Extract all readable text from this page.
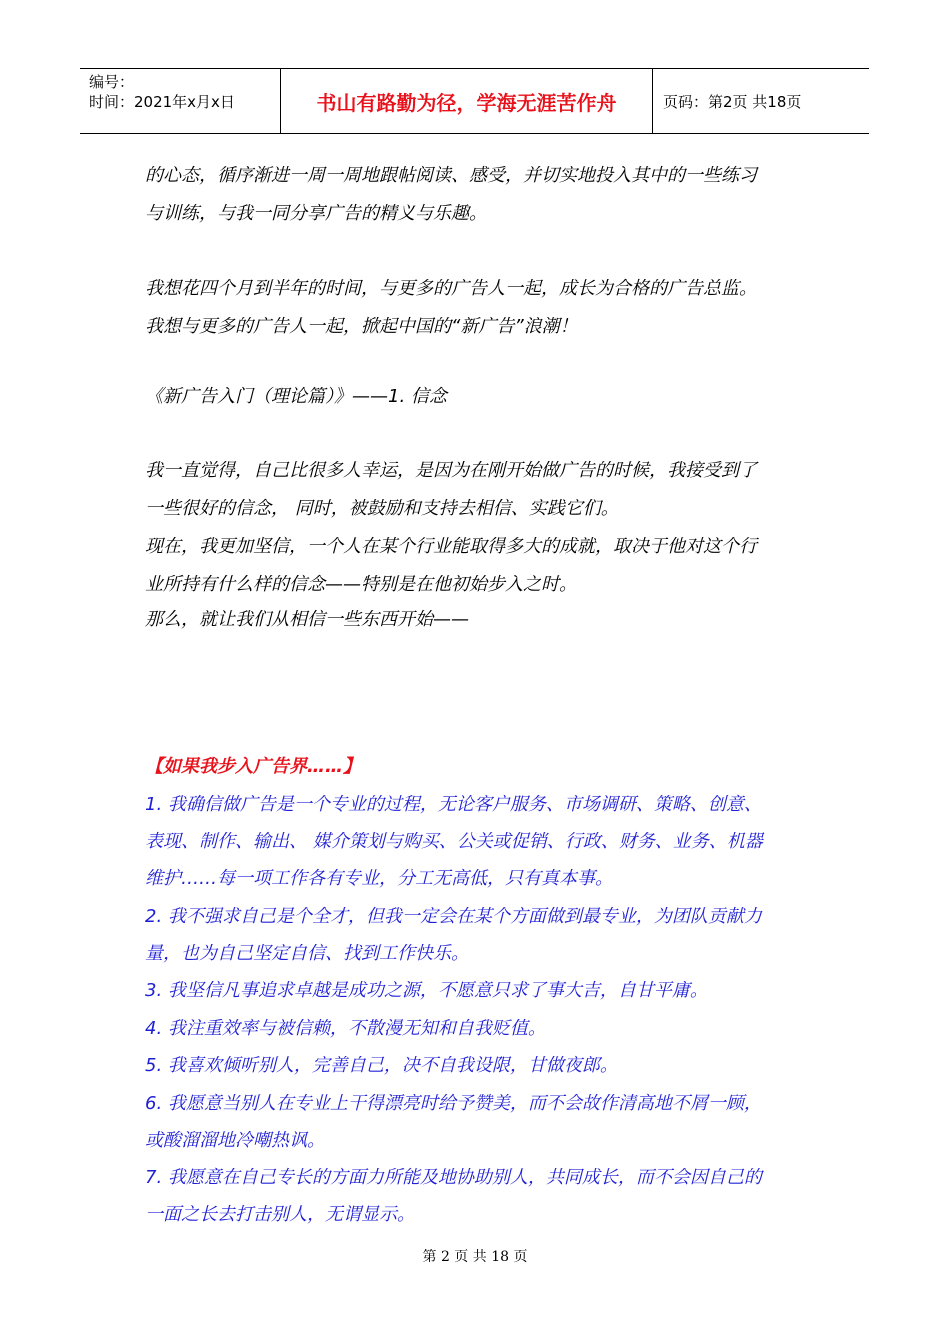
编号：
时间：2021年x月x日	书山有路勤为径，学海无涯苦作舟	页码：第2页 共18页
的心态，循序渐进一周一周地跟帖阅读、感受，并切实地投入其中的一些练习
与训练，与我一同分享广告的精义与乐趣。
我想花四个月到半年的时间，与更多的广告人一起，成长为合格的广告总监。
我想与更多的广告人一起，掀起中国的“新广告”浪潮！
《新广告入门（理论篇）》——1. 信念
我一直觉得，自己比很多人幸运，是因为在刚开始做广告的时候，我接受到了
一些很好的信念， 同时，被鼓励和支持去相信、实践它们。
现在，我更加坚信，一个人在某个行业能取得多大的成就，取决于他对这个行
业所持有什么样的信念——特别是在他初始步入之时。
那么，就让我们从相信一些东西开始——
【如果我步入广告界……】
1. 我确信做广告是一个专业的过程，无论客户服务、市场调研、策略、创意、
表现、制作、输出、 媒介策划与购买、公关或促销、行政、财务、业务、机器
维护……每一项工作各有专业，分工无高低，只有真本事。
2. 我不强求自己是个全才，但我一定会在某个方面做到最专业，为团队贡献力
量，也为自己坚定自信、找到工作快乐。
3. 我坚信凡事追求卓越是成功之源，不愿意只求了事大吉，自甘平庸。
4. 我注重效率与被信赖，不散漫无知和自我贬值。
5. 我喜欢倾听别人，完善自己，决不自我设限，甘做夜郎。
6. 我愿意当别人在专业上干得漂亮时给予赞美，而不会故作清高地不屑一顾，
或酸溜溜地冷嘲热讽。
7. 我愿意在自己专长的方面力所能及地协助别人，共同成长，而不会因自己的
一面之长去打击别人，无谓显示。
第 2 页 共 18 页
